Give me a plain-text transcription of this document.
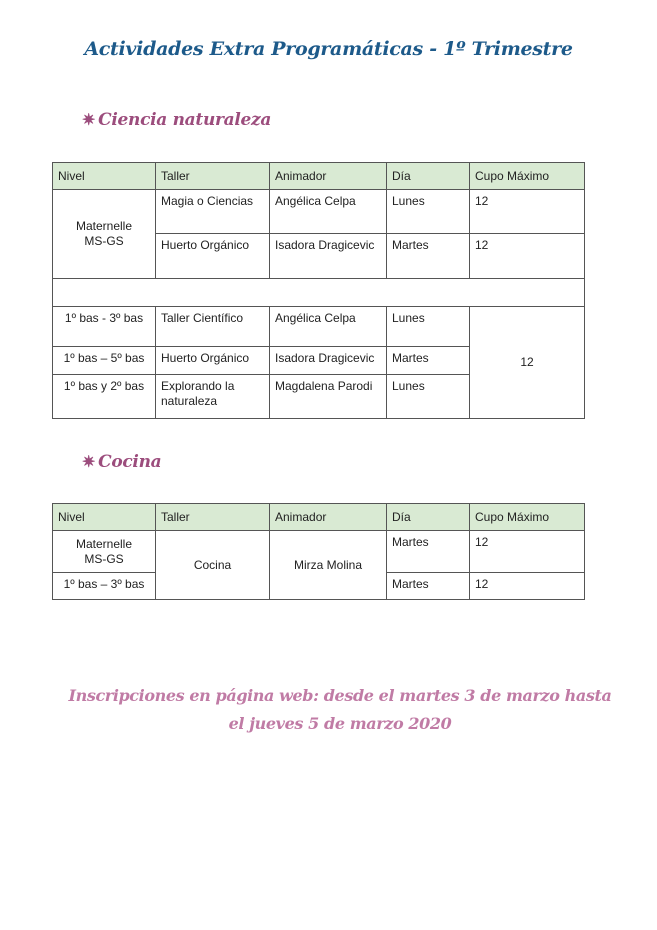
Actividades Extra Programáticas - 1º Trimestre
✷ Ciencia naturaleza
Nivel	Taller	Animador	Día	Cupo Máximo
Maternelle
MS-GS	Magia o Ciencias	Angélica Celpa	Lunes	12
	Huerto Orgánico	Isadora Dragicevic	Martes	12

1º bas - 3º bas	Taller Científico	Angélica Celpa	Lunes	12
1º bas – 5º bas	Huerto Orgánico	Isadora Dragicevic	Martes	
1º bas y 2º bas	Explorando la naturaleza	Magdalena Parodi	Lunes	
✷ Cocina
Nivel	Taller	Animador	Día	Cupo Máximo
Maternelle
MS-GS	Cocina	Mirza Molina	Martes	12
1º bas – 3º bas			Martes	12
Inscripciones en página web: desde el martes 3 de marzo hasta el jueves 5 de marzo 2020
